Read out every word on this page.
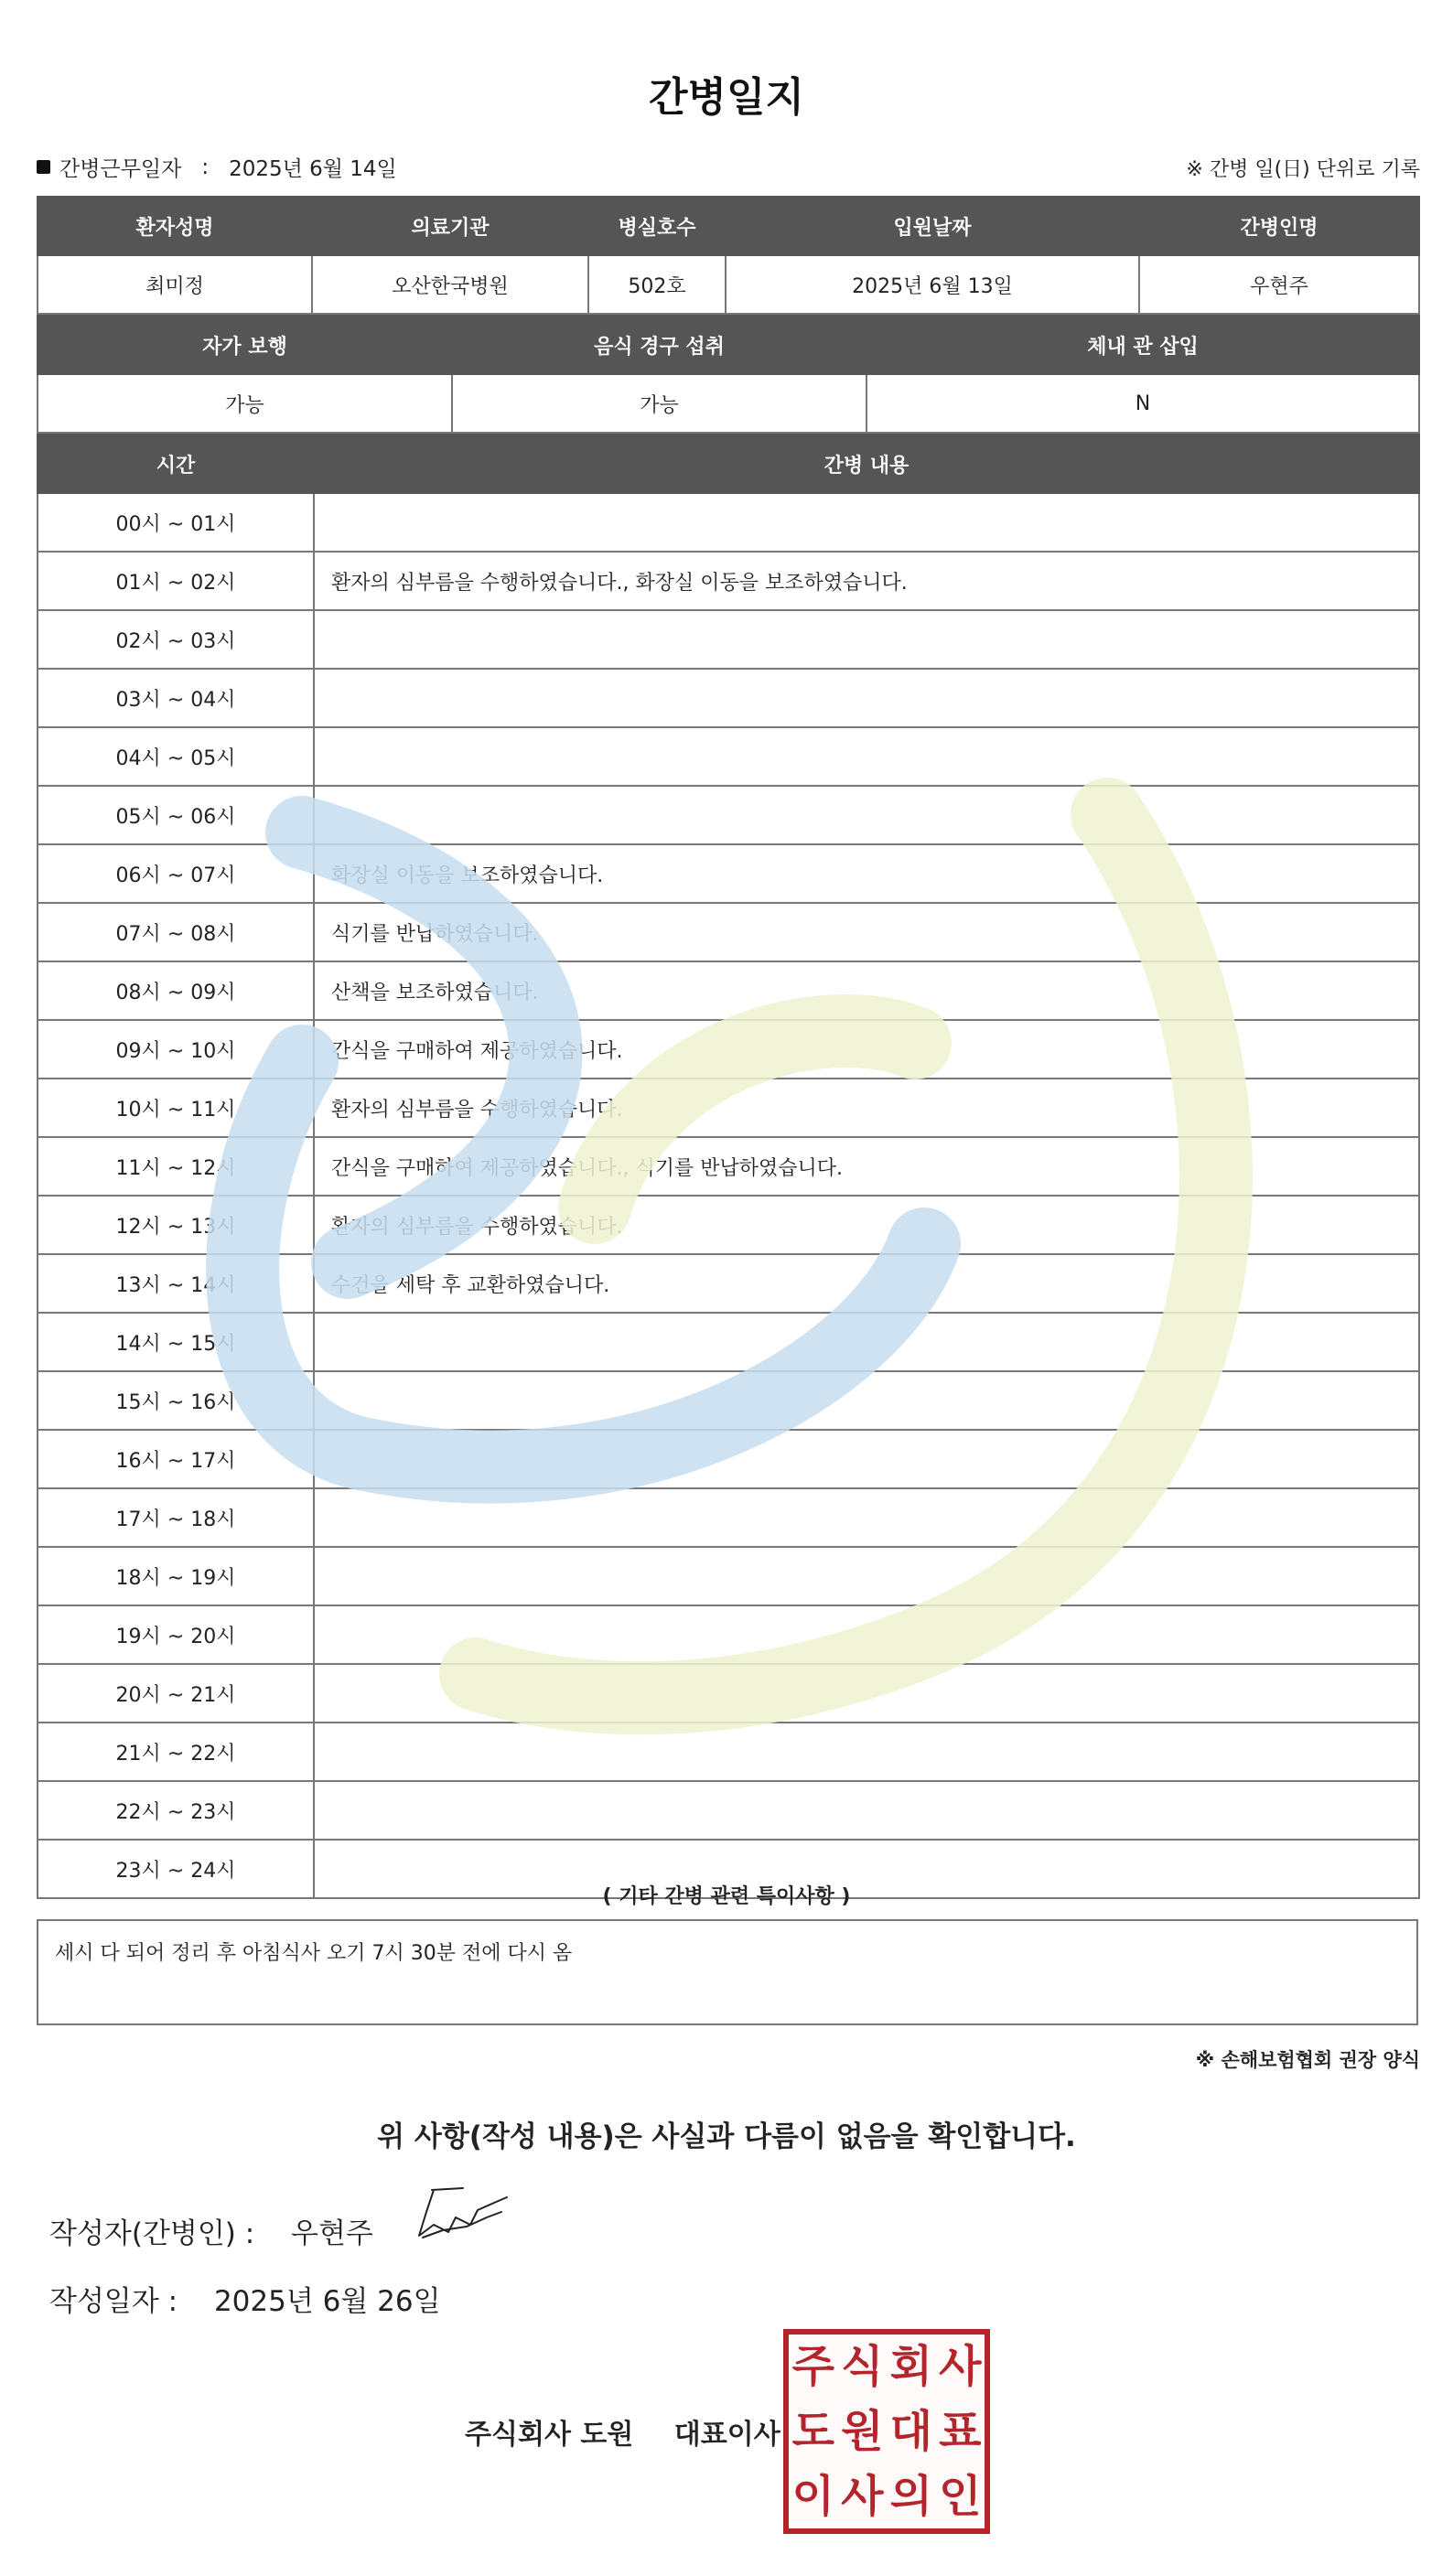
간병일지
간병근무일자 : 2025년 6월 14일	※ 간병 일(日) 단위로 기록
환자성명	의료기관	병실호수	입원날짜	간병인명
최미정	오산한국병원	502호	2025년 6월 13일	우현주
자가 보행	음식 경구 섭취	체내 관 삽입
가능	가능	N
시간	간병 내용
00시 ~ 01시	
01시 ~ 02시	환자의 심부름을 수행하였습니다., 화장실 이동을 보조하였습니다.
02시 ~ 03시	
03시 ~ 04시	
04시 ~ 05시	
05시 ~ 06시	
06시 ~ 07시	화장실 이동을 보조하였습니다.
07시 ~ 08시	식기를 반납하였습니다.
08시 ~ 09시	산책을 보조하였습니다.
09시 ~ 10시	간식을 구매하여 제공하였습니다.
10시 ~ 11시	환자의 심부름을 수행하였습니다.
11시 ~ 12시	간식을 구매하여 제공하였습니다., 식기를 반납하였습니다.
12시 ~ 13시	환자의 심부름을 수행하였습니다.
13시 ~ 14시	수건을 세탁 후 교환하였습니다.
14시 ~ 15시	
15시 ~ 16시	
16시 ~ 17시	
17시 ~ 18시	
18시 ~ 19시	
19시 ~ 20시	
20시 ~ 21시	
21시 ~ 22시	
22시 ~ 23시	
23시 ~ 24시	
( 기타 간병 관련 특이사항 )
세시 다 되어 정리 후 아침식사 오기 7시 30분 전에 다시 옴
※ 손해보험협회 권장 양식
위 사항(작성 내용)은 사실과 다름이 없음을 확인합니다.
작성자(간병인) : 우현주
작성일자 : 2025년 6월 26일
주식회사 도원 대표이사
주 식 회 사
도 원 대 표
이 사 의 인
